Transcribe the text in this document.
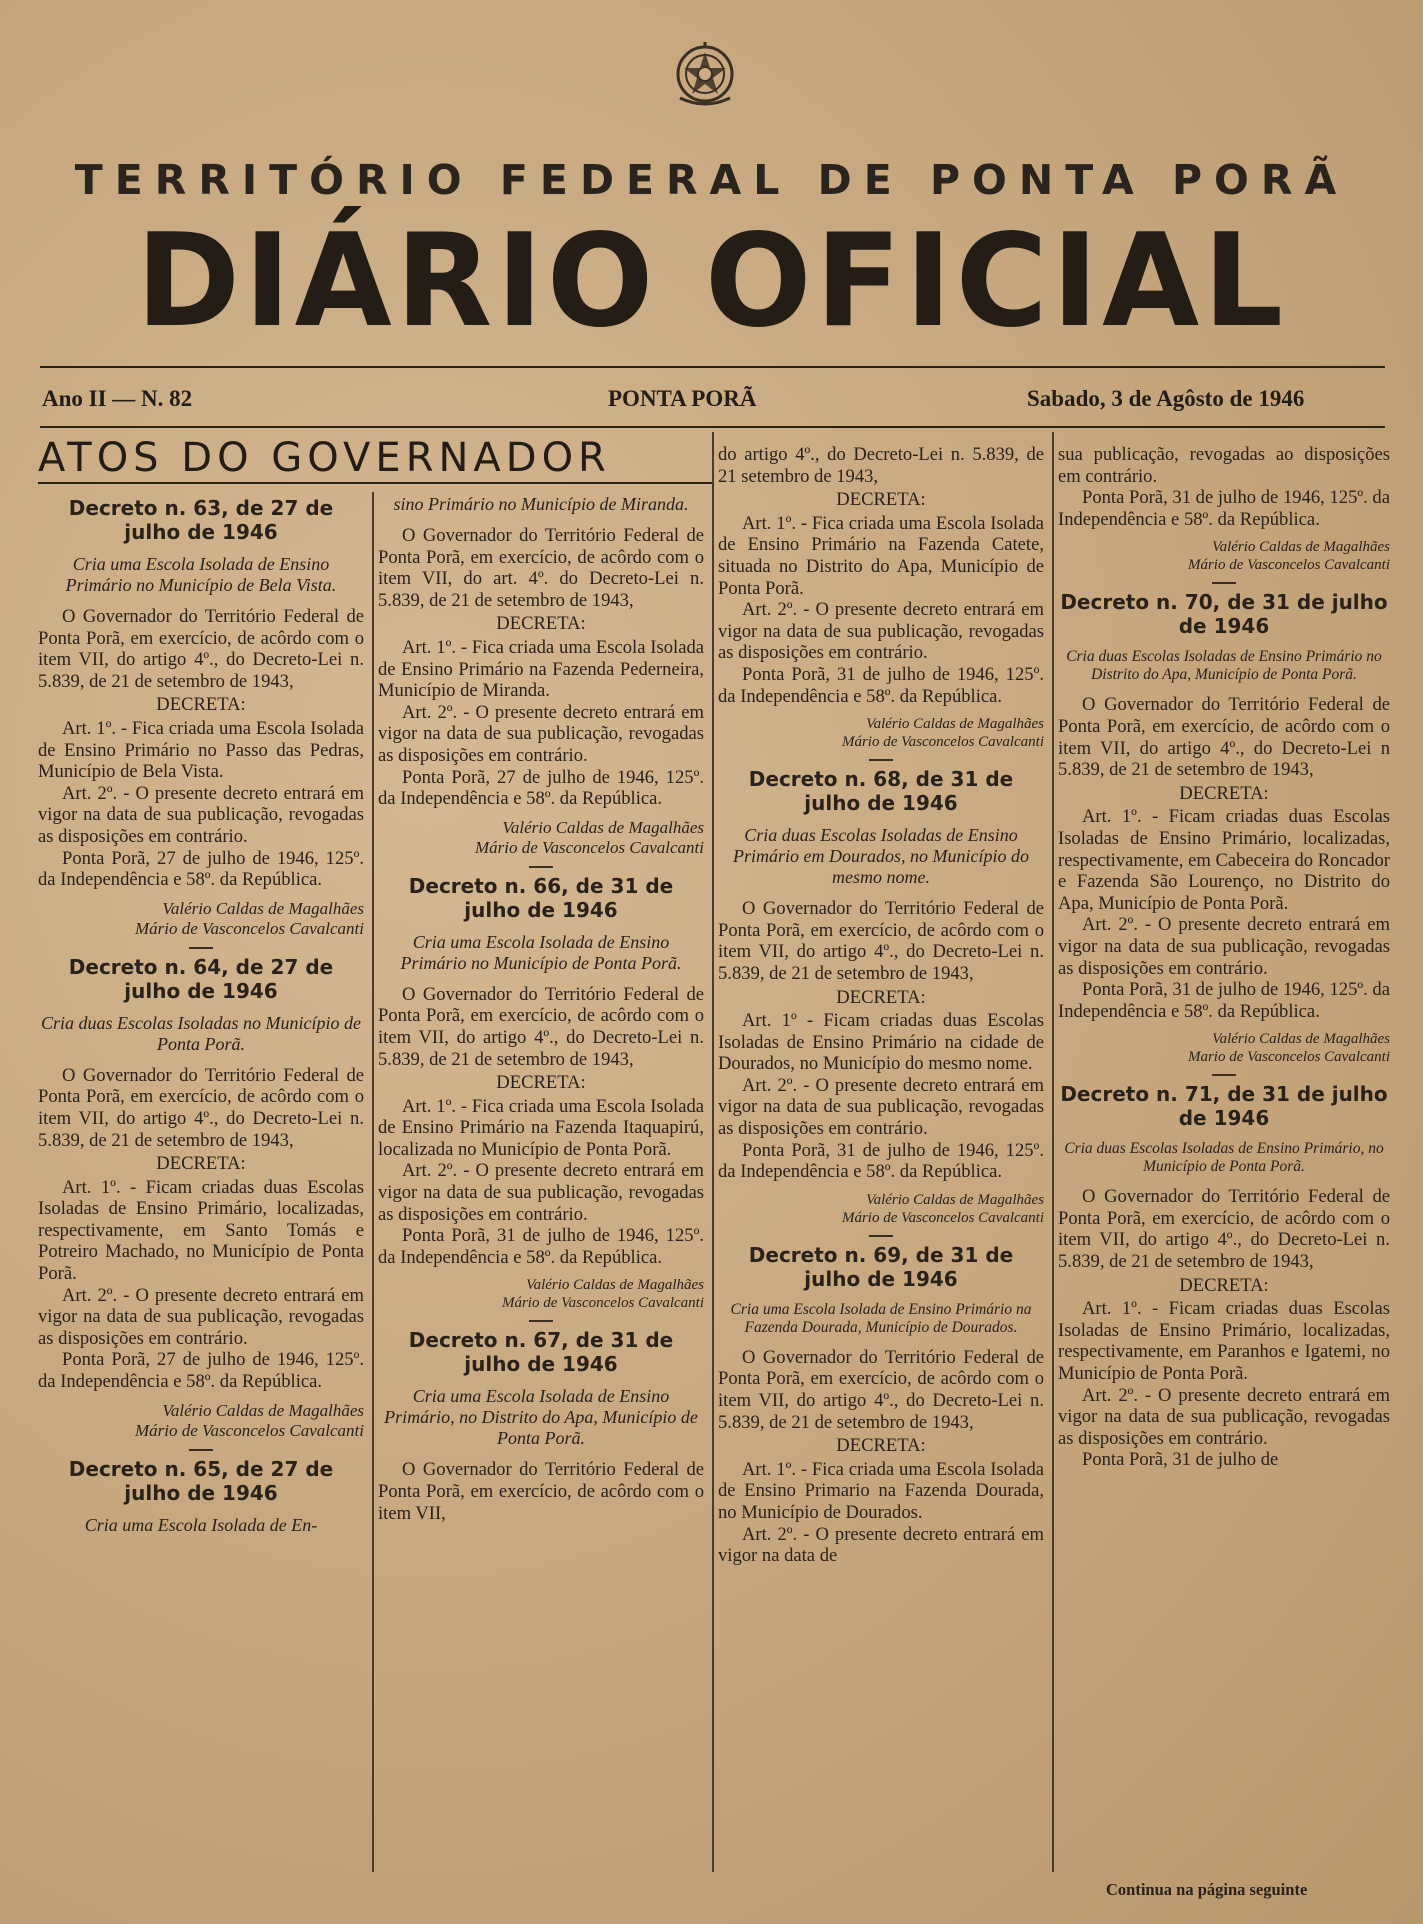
TERRITÓRIO FEDERAL DE PONTA PORÃ
DIÁRIO OFICIAL
Ano II — N. 82	PONTA PORÃ	Sabado, 3 de Agôsto de 1946
ATOS DO GOVERNADOR
Decreto n. 63, de 27 de julho de 1946

Cria uma Escola Isolada de Ensino Primário no Município de Bela Vista.

O Governador do Território Federal de Ponta Porã, em exercício, de acôrdo com o item VII, do artigo 4º., do Decreto-Lei n. 5.839, de 21 de setembro de 1943,

DECRETA:

Art. 1º. - Fica criada uma Escola Isolada de Ensino Primário no Passo das Pedras, Município de Bela Vista.

Art. 2º. - O presente decreto entrará em vigor na data de sua publicação, revogadas as disposições em contrário.

Ponta Porã, 27 de julho de 1946, 125º. da Independência e 58º. da República.

Valério Caldas de Magalhães

Mário de Vasconcelos Cavalcanti

Decreto n. 64, de 27 de julho de 1946

Cria duas Escolas Isoladas no Município de Ponta Porã.

O Governador do Território Federal de Ponta Porã, em exercício, de acôrdo com o item VII, do artigo 4º., do Decreto-Lei n. 5.839, de 21 de setembro de 1943,

DECRETA:

Art. 1º. - Ficam criadas duas Escolas Isoladas de Ensino Primário, localizadas, respectivamente, em Santo Tomás e Potreiro Machado, no Município de Ponta Porã.

Art. 2º. - O presente decreto entrará em vigor na data de sua publicação, revogadas as disposições em contrário.

Ponta Porã, 27 de julho de 1946, 125º. da Independência e 58º. da República.

Valério Caldas de Magalhães

Mário de Vasconcelos Cavalcanti

Decreto n. 65, de 27 de julho de 1946

Cria uma Escola Isolada de En-

sino Primário no Município de Miranda.

O Governador do Território Federal de Ponta Porã, em exercício, de acôrdo com o item VII, do art. 4º. do Decreto-Lei n. 5.839, de 21 de setembro de 1943,

DECRETA:

Art. 1º. - Fica criada uma Escola Isolada de Ensino Primário na Fazenda Pederneira, Município de Miranda.

Art. 2º. - O presente decreto entrará em vigor na data de sua publicação, revogadas as disposições em contrário.

Ponta Porã, 27 de julho de 1946, 125º. da Independência e 58º. da República.

Valério Caldas de Magalhães

Mário de Vasconcelos Cavalcanti

Decreto n. 66, de 31 de julho de 1946

Cria uma Escola Isolada de Ensino Primário no Município de Ponta Porã.

O Governador do Território Federal de Ponta Porã, em exercício, de acôrdo com o item VII, do artigo 4º., do Decreto-Lei n. 5.839, de 21 de setembro de 1943,

DECRETA:

Art. 1º. - Fica criada uma Escola Isolada de Ensino Primário na Fazenda Itaquapirú, localizada no Município de Ponta Porã.

Art. 2º. - O presente decreto entrará em vigor na data de sua publicação, revogadas as disposições em contrário.

Ponta Porã, 31 de julho de 1946, 125º. da Independência e 58º. da República.

Valério Caldas de Magalhães

Mário de Vasconcelos Cavalcanti

Decreto n. 67, de 31 de julho de 1946

Cria uma Escola Isolada de Ensino Primário, no Distrito do Apa, Município de Ponta Porã.

O Governador do Território Federal de Ponta Porã, em exercício, de acôrdo com o item VII,

do artigo 4º., do Decreto-Lei n. 5.839, de 21 setembro de 1943,

DECRETA:

Art. 1º. - Fica criada uma Escola Isolada de Ensino Primário na Fazenda Catete, situada no Distrito do Apa, Município de Ponta Porã.

Art. 2º. - O presente decreto entrará em vigor na data de sua publicação, revogadas as disposições em contrário.

Ponta Porã, 31 de julho de 1946, 125º. da Independência e 58º. da República.

Valério Caldas de Magalhães

Mário de Vasconcelos Cavalcanti

Decreto n. 68, de 31 de julho de 1946

Cria duas Escolas Isoladas de Ensino Primário em Dourados, no Município do mesmo nome.

O Governador do Território Federal de Ponta Porã, em exercício, de acôrdo com o item VII, do artigo 4º., do Decreto-Lei n. 5.839, de 21 de setembro de 1943,

DECRETA:

Art. 1º - Ficam criadas duas Escolas Isoladas de Ensino Primário na cidade de Dourados, no Município do mesmo nome.

Art. 2º. - O presente decreto entrará em vigor na data de sua publicação, revogadas as disposições em contrário.

Ponta Porã, 31 de julho de 1946, 125º. da Independência e 58º. da República.

Valério Caldas de Magalhães

Mário de Vasconcelos Cavalcanti

Decreto n. 69, de 31 de julho de 1946

Cria uma Escola Isolada de Ensino Primário na Fazenda Dourada, Município de Dourados.

O Governador do Território Federal de Ponta Porã, em exercício, de acôrdo com o item VII, do artigo 4º., do Decreto-Lei n. 5.839, de 21 de setembro de 1943,

DECRETA:

Art. 1º. - Fica criada uma Escola Isolada de Ensino Primario na Fazenda Dourada, no Município de Dourados.

Art. 2º. - O presente decreto entrará em vigor na data de

sua publicação, revogadas ao disposições em contrário.

Ponta Porã, 31 de julho de 1946, 125º. da Independência e 58º. da República.

Valério Caldas de Magalhães

Mário de Vasconcelos Cavalcanti

Decreto n. 70, de 31 de julho de 1946

Cria duas Escolas Isoladas de Ensino Primário no Distrito do Apa, Município de Ponta Porã.

O Governador do Território Federal de Ponta Porã, em exercício, de acôrdo com o item VII, do artigo 4º., do Decreto-Lei n 5.839, de 21 de setembro de 1943,

DECRETA:

Art. 1º. - Ficam criadas duas Escolas Isoladas de Ensino Primário, localizadas, respectivamente, em Cabeceira do Roncador e Fazenda São Lourenço, no Distrito do Apa, Município de Ponta Porã.

Art. 2º. - O presente decreto entrará em vigor na data de sua publicação, revogadas as disposições em contrário.

Ponta Porã, 31 de julho de 1946, 125º. da Independência e 58º. da República.

Valério Caldas de Magalhães

Mario de Vasconcelos Cavalcanti

Decreto n. 71, de 31 de julho de 1946

Cria duas Escolas Isoladas de Ensino Primário, no Município de Ponta Porã.

O Governador do Território Federal de Ponta Porã, em exercício, de acôrdo com o item VII, do artigo 4º., do Decreto-Lei n. 5.839, de 21 de setembro de 1943,

DECRETA:

Art. 1º. - Ficam criadas duas Escolas Isoladas de Ensino Primário, localizadas, respectivamente, em Paranhos e Igatemi, no Município de Ponta Porã.

Art. 2º. - O presente decreto entrará em vigor na data de sua publicação, revogadas as disposições em contrário.

Ponta Porã, 31 de julho de

Continua na página seguinte
